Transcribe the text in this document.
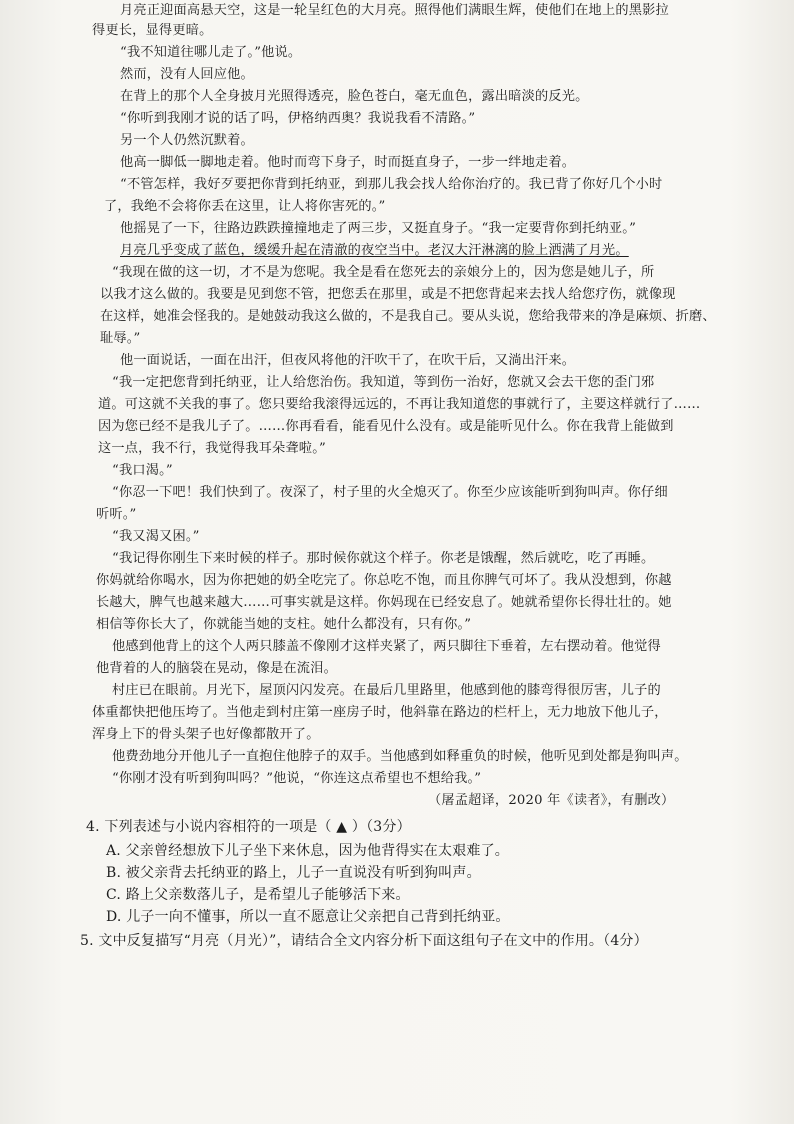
月亮正迎面高悬天空，这是一轮呈红色的大月亮。照得他们满眼生辉，使他们在地上的黑影拉
得更长，显得更暗。
“我不知道往哪儿走了。”他说。
然而，没有人回应他。
在背上的那个人全身披月光照得透亮，脸色苍白，毫无血色，露出暗淡的反光。
“你听到我刚才说的话了吗，伊格纳西奥？我说我看不清路。”
另一个人仍然沉默着。
他高一脚低一脚地走着。他时而弯下身子，时而挺直身子，一步一绊地走着。
“不管怎样，我好歹要把你背到托纳亚，到那儿我会找人给你治疗的。我已背了你好几个小时
了，我绝不会将你丢在这里，让人将你害死的。”
他摇晃了一下，往路边跌跌撞撞地走了两三步，又挺直身子。“我一定要背你到托纳亚。”
月亮几乎变成了蓝色，缓缓升起在清澈的夜空当中。老汉大汗淋漓的脸上洒满了月光。
“我现在做的这一切，才不是为您呢。我全是看在您死去的亲娘分上的，因为您是她儿子，所
以我才这么做的。我要是见到您不管，把您丢在那里，或是不把您背起来去找人给您疗伤，就像现
在这样，她准会怪我的。是她鼓动我这么做的，不是我自己。要从头说，您给我带来的净是麻烦、折磨、
耻辱。”
他一面说话，一面在出汗，但夜风将他的汗吹干了，在吹干后，又淌出汗来。
“我一定把您背到托纳亚，让人给您治伤。我知道，等到伤一治好，您就又会去干您的歪门邪
道。可这就不关我的事了。您只要给我滚得远远的，不再让我知道您的事就行了，主要这样就行了……
因为您已经不是我儿子了。……你再看看，能看见什么没有。或是能听见什么。你在我背上能做到
这一点，我不行，我觉得我耳朵聋啦。”
“我口渴。”
“你忍一下吧！我们快到了。夜深了，村子里的火全熄灭了。你至少应该能听到狗叫声。你仔细
听听。”
“我又渴又困。”
“我记得你刚生下来时候的样子。那时候你就这个样子。你老是饿醒，然后就吃，吃了再睡。
你妈就给你喝水，因为你把她的奶全吃完了。你总吃不饱，而且你脾气可坏了。我从没想到，你越
长越大，脾气也越来越大……可事实就是这样。你妈现在已经安息了。她就希望你长得壮壮的。她
相信等你长大了，你就能当她的支柱。她什么都没有，只有你。”
他感到他背上的这个人两只膝盖不像刚才这样夹紧了，两只脚往下垂着，左右摆动着。他觉得
他背着的人的脑袋在晃动，像是在流泪。
村庄已在眼前。月光下，屋顶闪闪发亮。在最后几里路里，他感到他的膝弯得很厉害，儿子的
体重都快把他压垮了。当他走到村庄第一座房子时，他斜靠在路边的栏杆上，无力地放下他儿子，
浑身上下的骨头架子也好像都散开了。
他费劲地分开他儿子一直抱住他脖子的双手。当他感到如释重负的时候，他听见到处都是狗叫声。
“你刚才没有听到狗叫吗？”他说，“你连这点希望也不想给我。”
（屠孟超译，2020 年《读者》，有删改）
4. 下列表述与小说内容相符的一项是（ ▲ ）（3分）
A. 父亲曾经想放下儿子坐下来休息，因为他背得实在太艰难了。
B. 被父亲背去托纳亚的路上，儿子一直说没有听到狗叫声。
C. 路上父亲数落儿子，是希望儿子能够活下来。
D. 儿子一向不懂事，所以一直不愿意让父亲把自己背到托纳亚。
5. 文中反复描写“月亮（月光）”，请结合全文内容分析下面这组句子在文中的作用。（4分）
